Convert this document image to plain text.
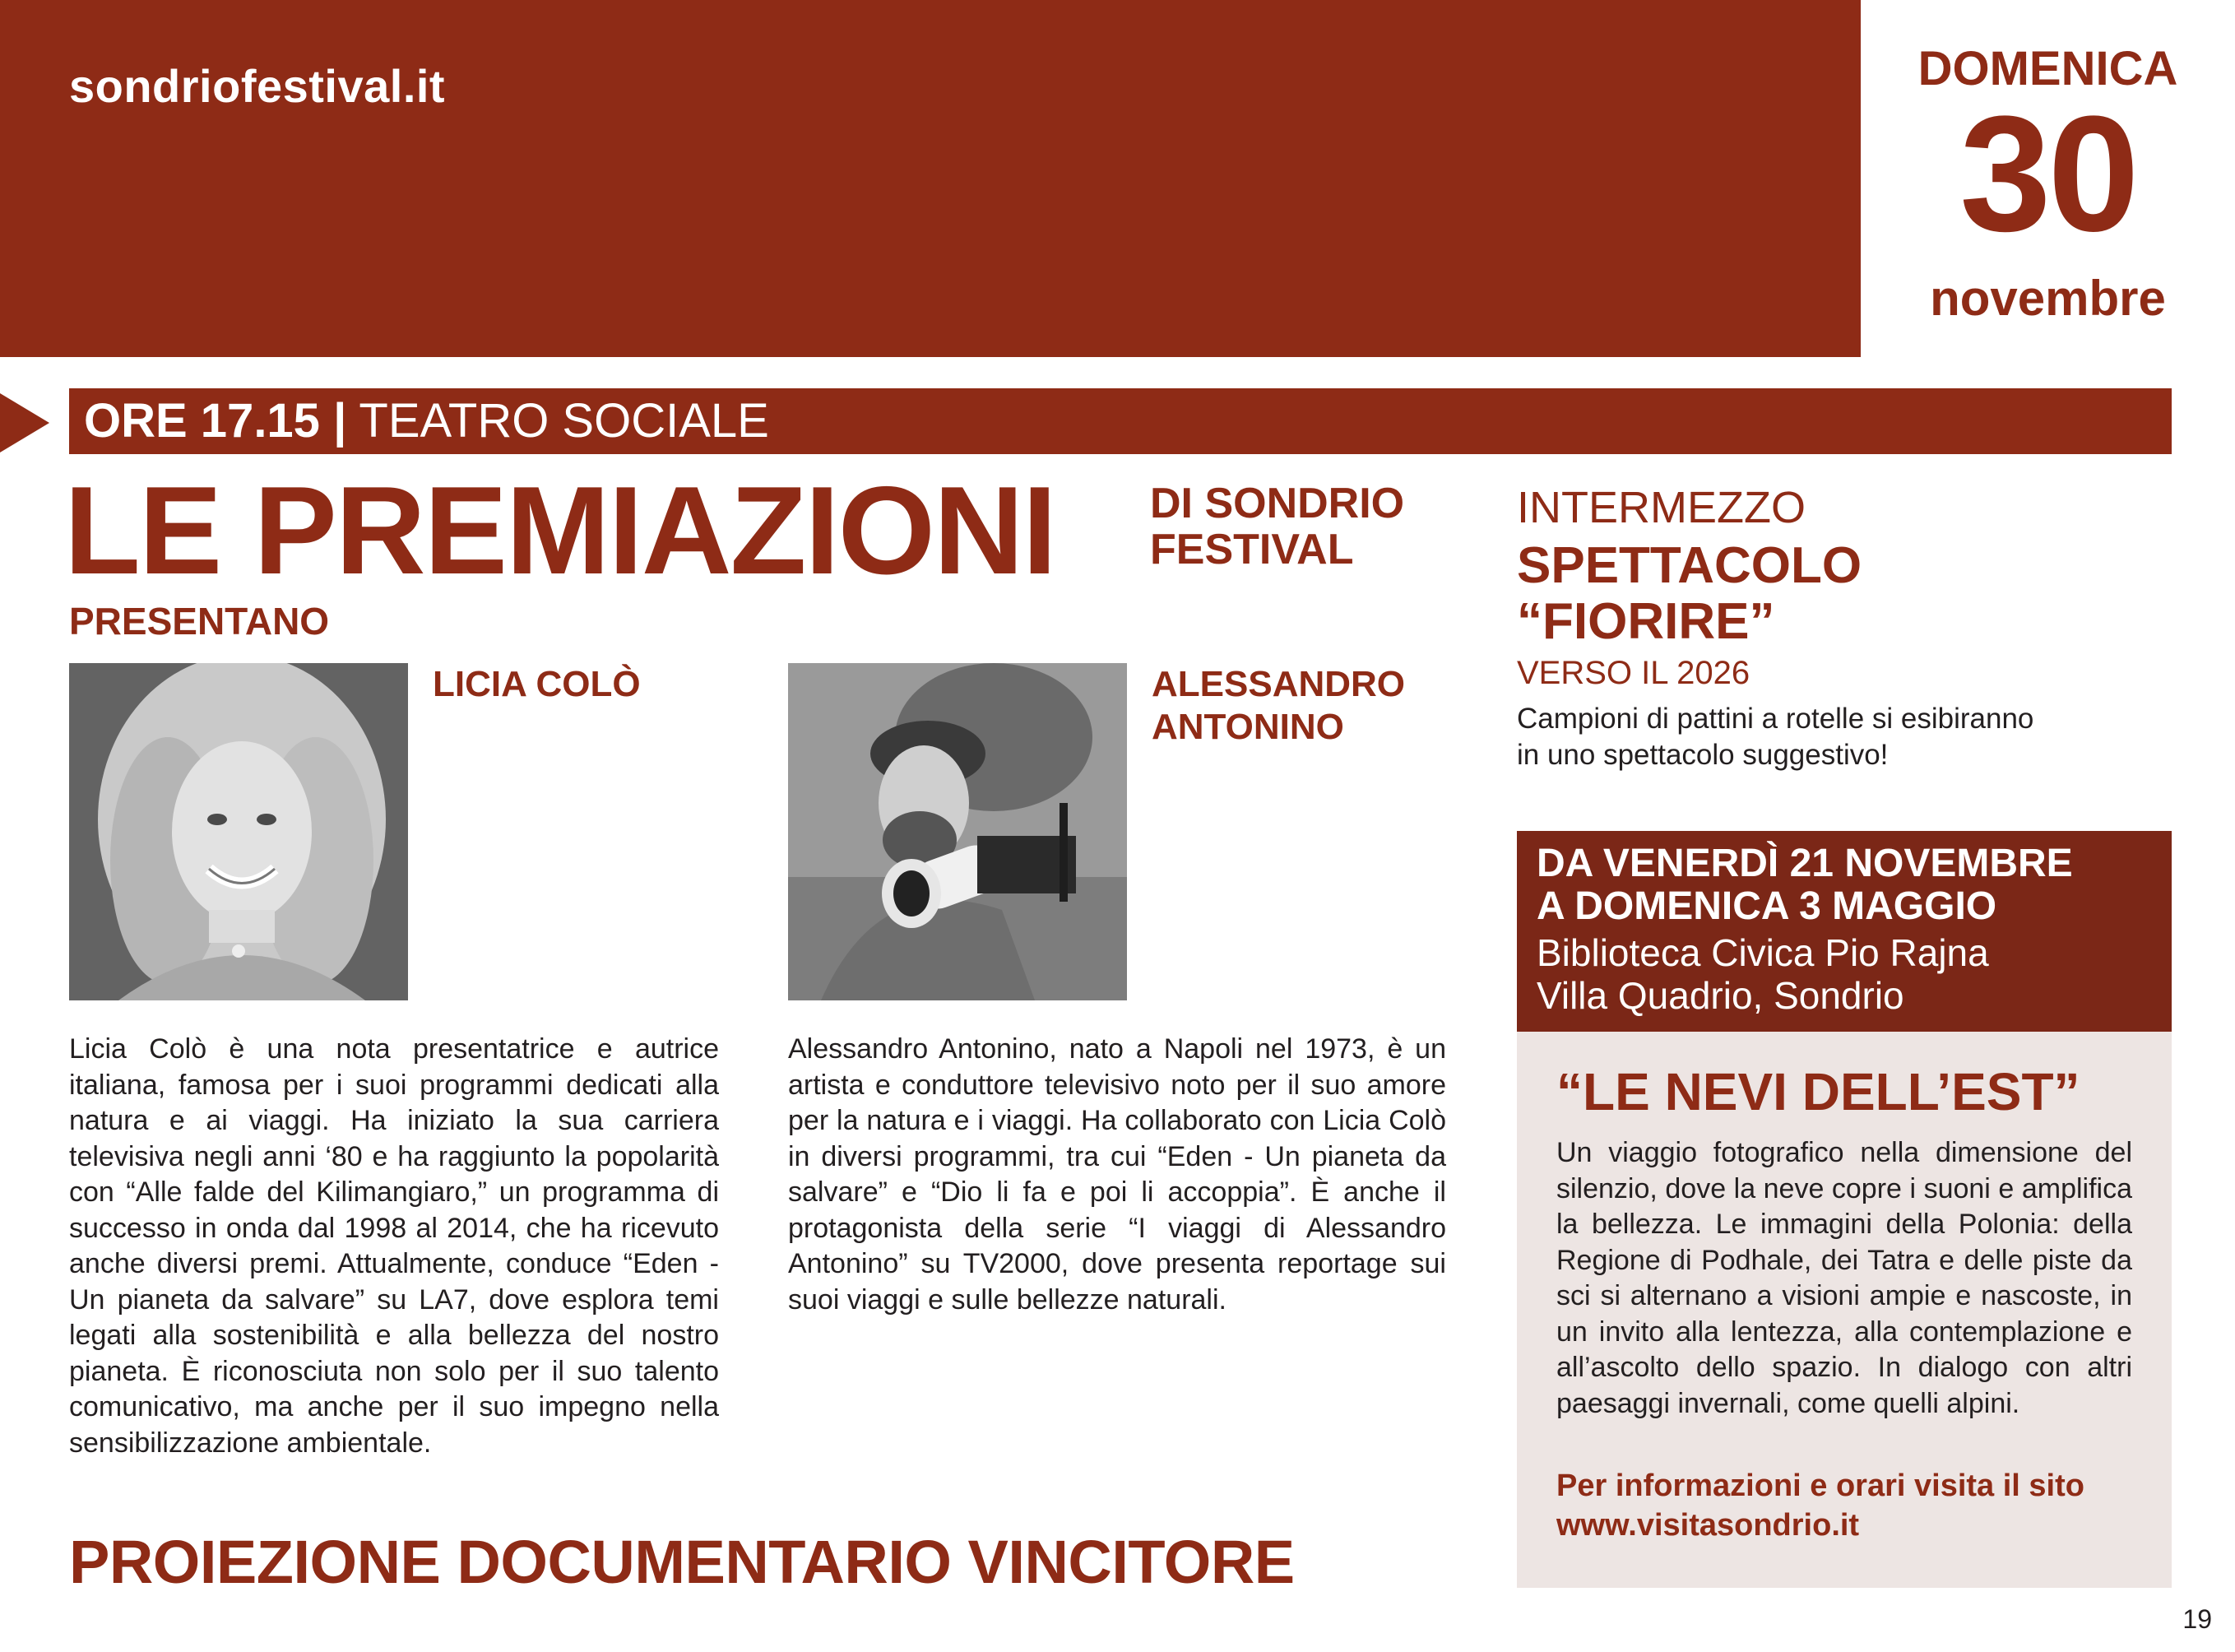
sondriofestival.it	DOMENICA
30
novembre
ORE 17.15 | TEATRO SOCIALE
LE PREMIAZIONI DI SONDRIO
FESTIVAL
PRESENTANO
LICIA COLÒ	ALESSANDRO
ANTONINO
Licia Colò è una nota presentatrice e autrice italiana, famosa per i suoi programmi dedicati alla natura e ai viaggi. Ha iniziato la sua carriera televisiva negli anni ‘80 e ha raggiunto la popolarità con “Alle falde del Kilimangiaro,” un programma di successo in onda dal 1998 al 2014, che ha ricevuto anche diversi premi. Attualmente, conduce “Eden - Un pianeta da salvare” su LA7, dove esplora temi legati alla sostenibilità e alla bellezza del nostro pianeta. È riconosciuta non solo per il suo talento comunicativo, ma anche per il suo impegno nella sensibilizzazione ambientale.
Alessandro Antonino, nato a Napoli nel 1973, è un artista e conduttore televisivo noto per il suo amore per la natura e i viaggi. Ha collaborato con Licia Colò in diversi programmi, tra cui “Eden - Un pianeta da salvare” e “Dio li fa e poi li accoppia”. È anche il protagonista della serie “I viaggi di Alessandro Antonino” su TV2000, dove presenta reportage sui suoi viaggi e sulle bellezze naturali.
PROIEZIONE DOCUMENTARIO VINCITORE
INTERMEZZO
SPETTACOLO
“FIORIRE”
VERSO IL 2026
Campioni di pattini a rotelle si esibiranno
in uno spettacolo suggestivo!
DA VENERDÌ 21 NOVEMBRE
A DOMENICA 3 MAGGIO
Biblioteca Civica Pio Rajna
Villa Quadrio, Sondrio
“LE NEVI DELL’EST”
Un viaggio fotografico nella dimensione del silenzio, dove la neve copre i suoni e amplifica la bellezza. Le immagini della Polonia: della Regione di Podhale, dei Tatra e delle piste da sci si alternano a visioni ampie e nascoste, in un invito alla lentezza, alla contemplazione e all’ascolto dello spazio. In dialogo con altri paesaggi invernali, come quelli alpini.
Per informazioni e orari visita il sito
www.visitasondrio.it
19
